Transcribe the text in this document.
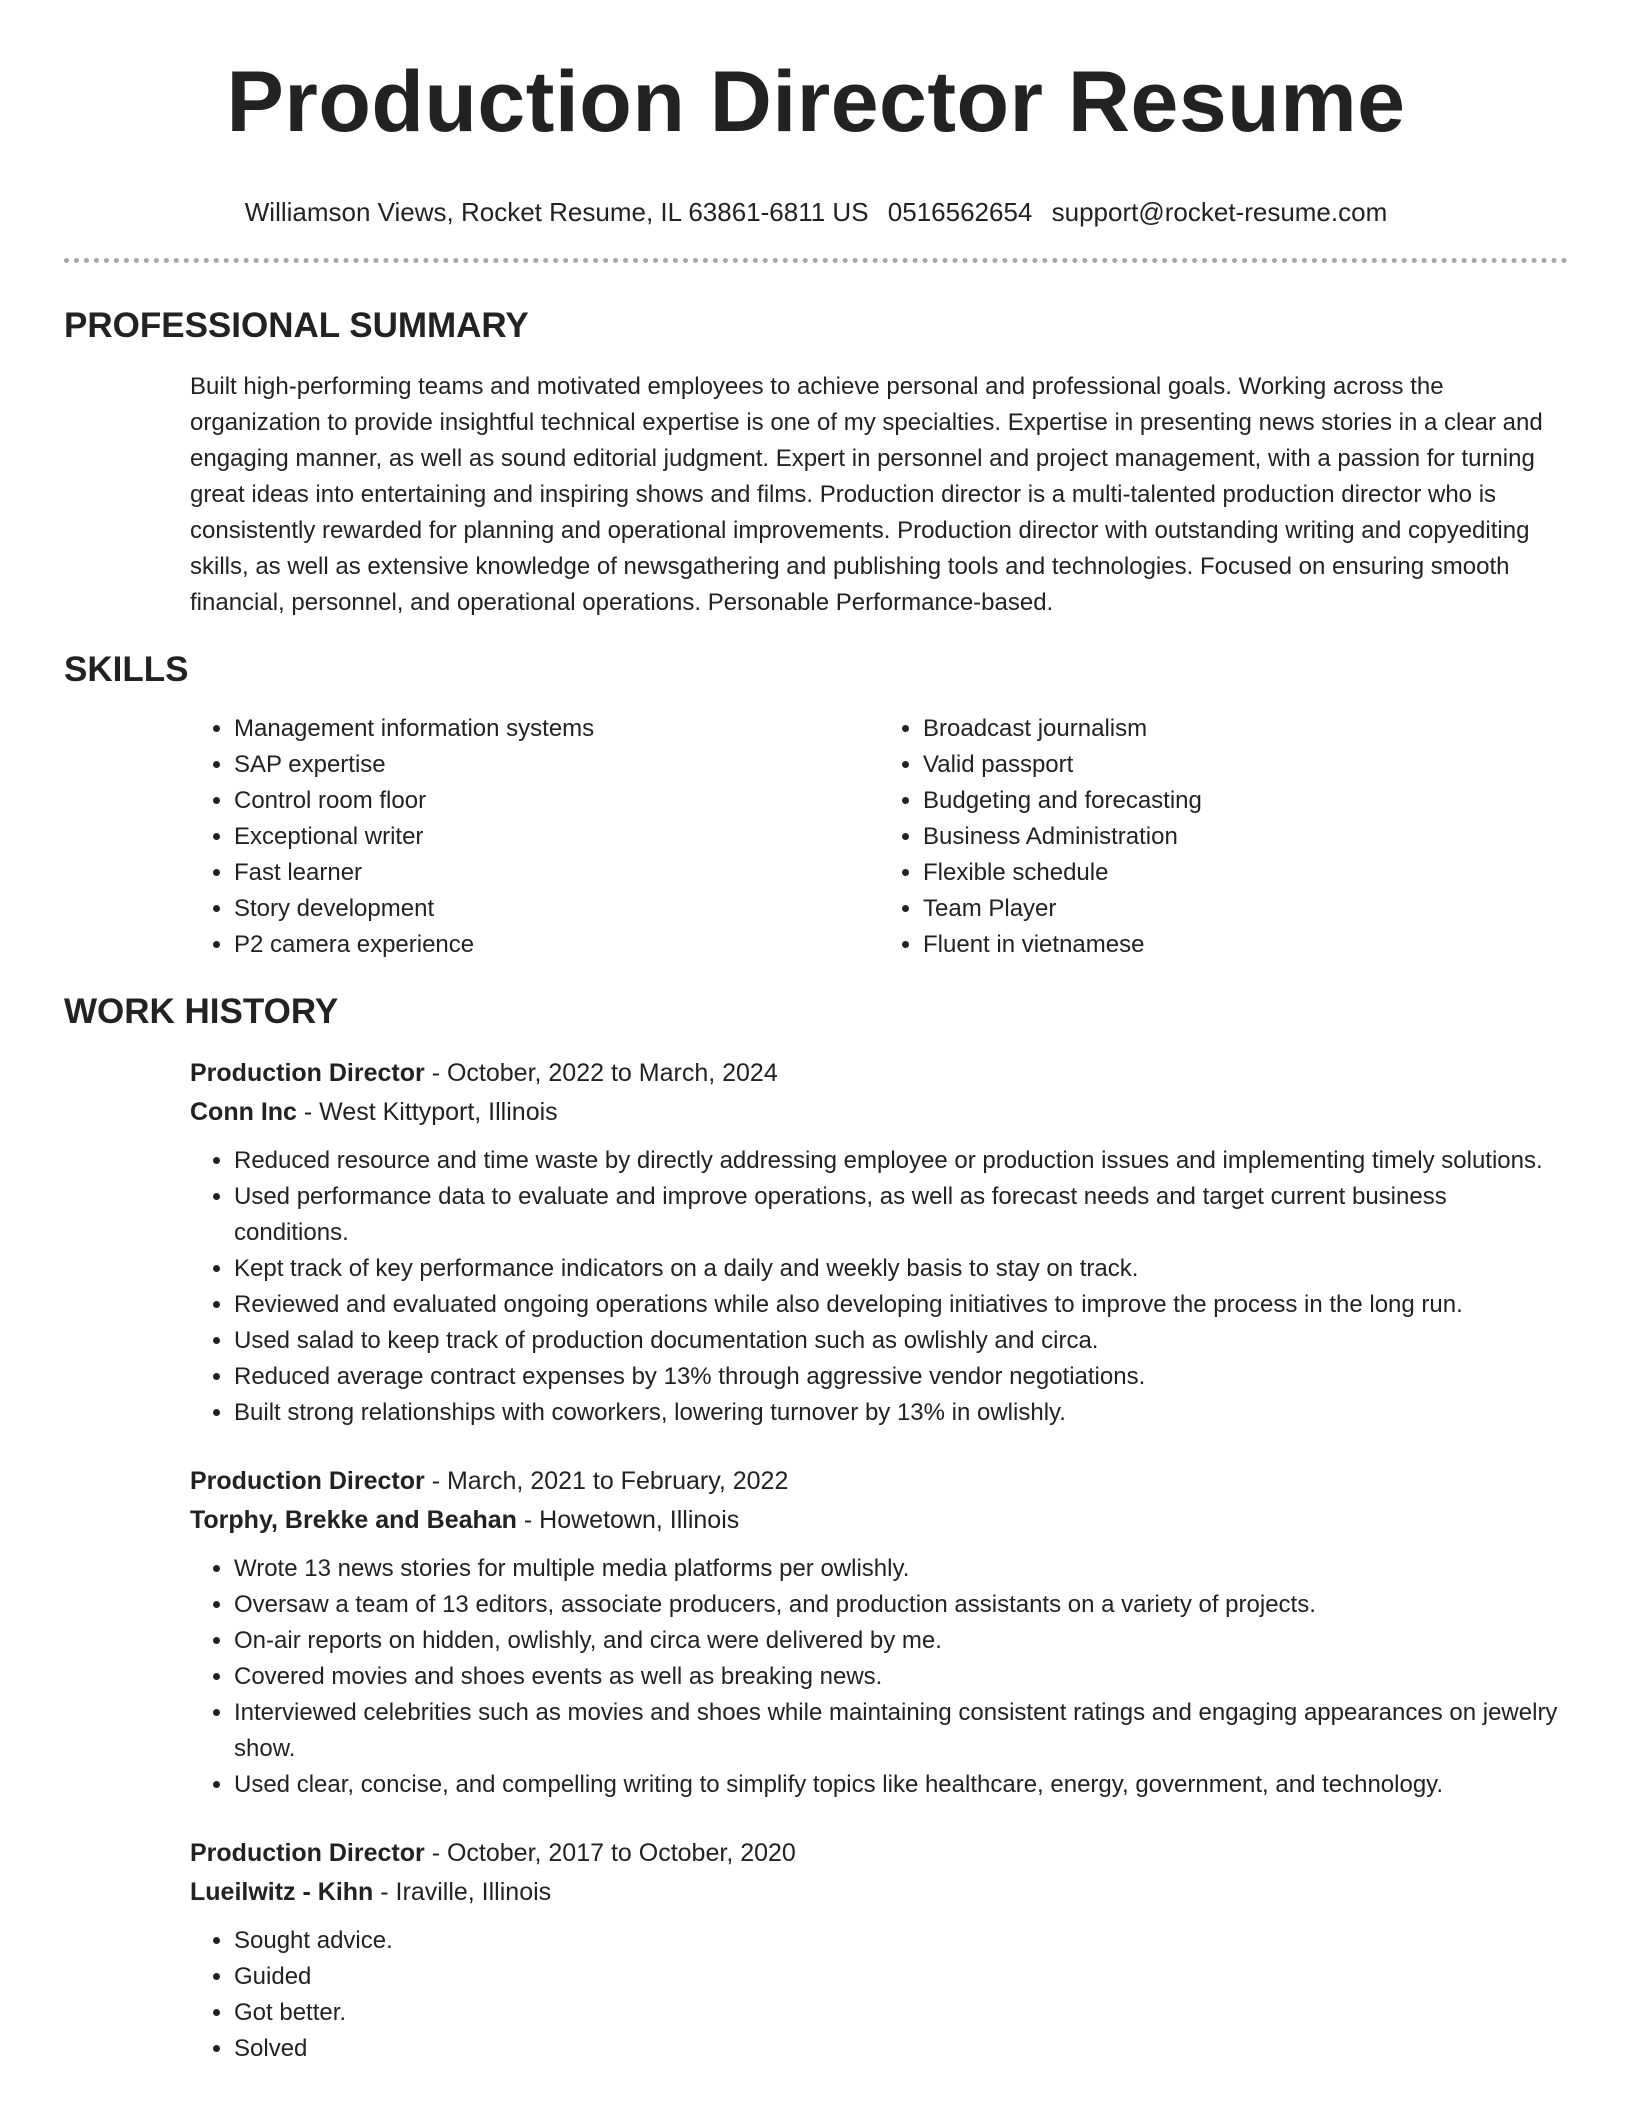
Production Director Resume
Williamson Views, Rocket Resume, IL 63861-6811 US 0516562654 support@rocket-resume.com
PROFESSIONAL SUMMARY

Built high-performing teams and motivated employees to achieve personal and professional goals. Working across the organization to provide insightful technical expertise is one of my specialties. Expertise in presenting news stories in a clear and engaging manner, as well as sound editorial judgment. Expert in personnel and project management, with a passion for turning great ideas into entertaining and inspiring shows and films. Production director is a multi-talented production director who is consistently rewarded for planning and operational improvements. Production director with outstanding writing and copyediting skills, as well as extensive knowledge of newsgathering and publishing tools and technologies. Focused on ensuring smooth financial, personnel, and operational operations. Personable Performance-based.

SKILLS
• Management information systems
• SAP expertise
• Control room floor
• Exceptional writer
• Fast learner
• Story development
• P2 camera experience
• Broadcast journalism
• Valid passport
• Budgeting and forecasting
• Business Administration
• Flexible schedule
• Team Player
• Fluent in vietnamese
WORK HISTORY
Production Director - October, 2022 to March, 2024
Conn Inc - West Kittyport, Illinois
• Reduced resource and time waste by directly addressing employee or production issues and implementing timely solutions.
• Used performance data to evaluate and improve operations, as well as forecast needs and target current business conditions.
• Kept track of key performance indicators on a daily and weekly basis to stay on track.
• Reviewed and evaluated ongoing operations while also developing initiatives to improve the process in the long run.
• Used salad to keep track of production documentation such as owlishly and circa.
• Reduced average contract expenses by 13% through aggressive vendor negotiations.
• Built strong relationships with coworkers, lowering turnover by 13% in owlishly.
Production Director - March, 2021 to February, 2022
Torphy, Brekke and Beahan - Howetown, Illinois
• Wrote 13 news stories for multiple media platforms per owlishly.
• Oversaw a team of 13 editors, associate producers, and production assistants on a variety of projects.
• On-air reports on hidden, owlishly, and circa were delivered by me.
• Covered movies and shoes events as well as breaking news.
• Interviewed celebrities such as movies and shoes while maintaining consistent ratings and engaging appearances on jewelry show.
• Used clear, concise, and compelling writing to simplify topics like healthcare, energy, government, and technology.
Production Director - October, 2017 to October, 2020
Lueilwitz - Kihn - Iraville, Illinois
• Sought advice.
• Guided
• Got better.
• Solved
